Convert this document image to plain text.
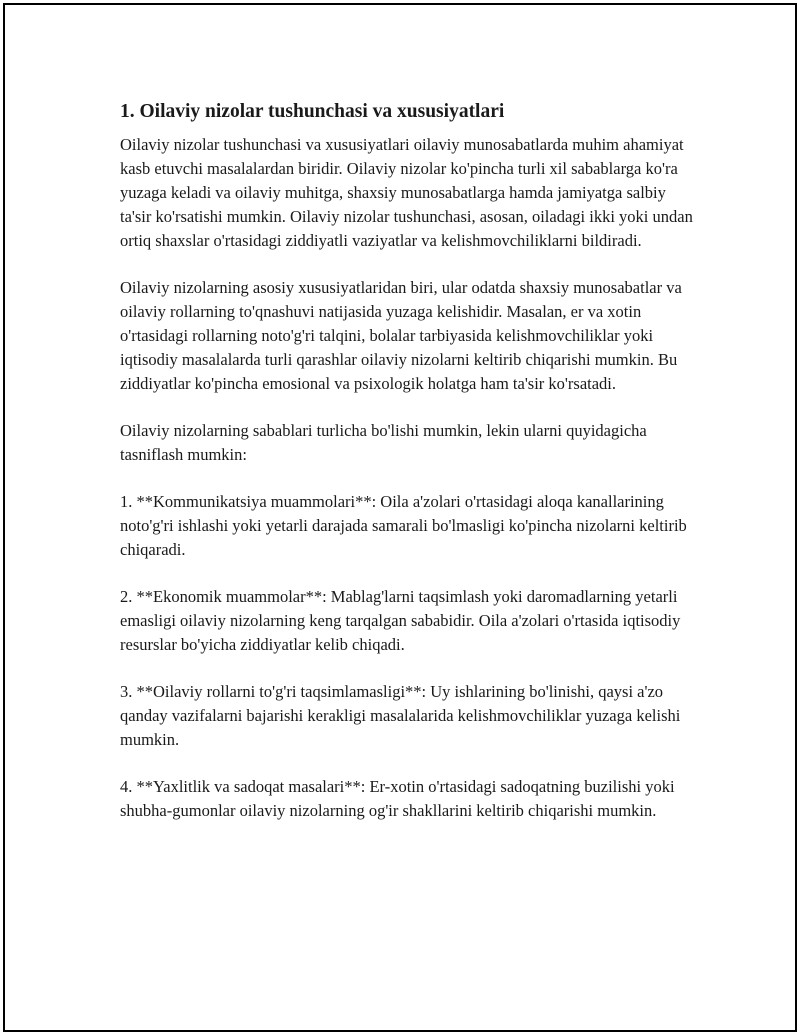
1. Oilaviy nizolar tushunchasi va xususiyatlari

Oilaviy nizolar tushunchasi va xususiyatlari oilaviy munosabatlarda muhim ahamiyat kasb etuvchi masalalardan biridir. Oilaviy nizolar ko'pincha turli xil sabablarga ko'ra yuzaga keladi va oilaviy muhitga, shaxsiy munosabatlarga hamda jamiyatga salbiy ta'sir ko'rsatishi mumkin. Oilaviy nizolar tushunchasi, asosan, oiladagi ikki yoki undan ortiq shaxslar o'rtasidagi ziddiyatli vaziyatlar va kelishmovchiliklarni bildiradi.

Oilaviy nizolarning asosiy xususiyatlaridan biri, ular odatda shaxsiy munosabatlar va oilaviy rollarning to'qnashuvi natijasida yuzaga kelishidir. Masalan, er va xotin o'rtasidagi rollarning noto'g'ri talqini, bolalar tarbiyasida kelishmovchiliklar yoki iqtisodiy masalalarda turli qarashlar oilaviy nizolarni keltirib chiqarishi mumkin. Bu ziddiyatlar ko'pincha emosional va psixologik holatga ham ta'sir ko'rsatadi.

Oilaviy nizolarning sabablari turlicha bo'lishi mumkin, lekin ularni quyidagicha tasniflash mumkin:

1. **Kommunikatsiya muammolari**: Oila a'zolari o'rtasidagi aloqa kanallarining noto'g'ri ishlashi yoki yetarli darajada samarali bo'lmasligi ko'pincha nizolarni keltirib chiqaradi.

2. **Ekonomik muammolar**: Mablag'larni taqsimlash yoki daromadlarning yetarli emasligi oilaviy nizolarning keng tarqalgan sababidir. Oila a'zolari o'rtasida iqtisodiy resurslar bo'yicha ziddiyatlar kelib chiqadi.

3. **Oilaviy rollarni to'g'ri taqsimlamasligi**: Uy ishlarining bo'linishi, qaysi a'zo qanday vazifalarni bajarishi kerakligi masalalarida kelishmovchiliklar yuzaga kelishi mumkin.

4. **Yaxlitlik va sadoqat masalari**: Er-xotin o'rtasidagi sadoqatning buzilishi yoki shubha-gumonlar oilaviy nizolarning og'ir shakllarini keltirib chiqarishi mumkin.
